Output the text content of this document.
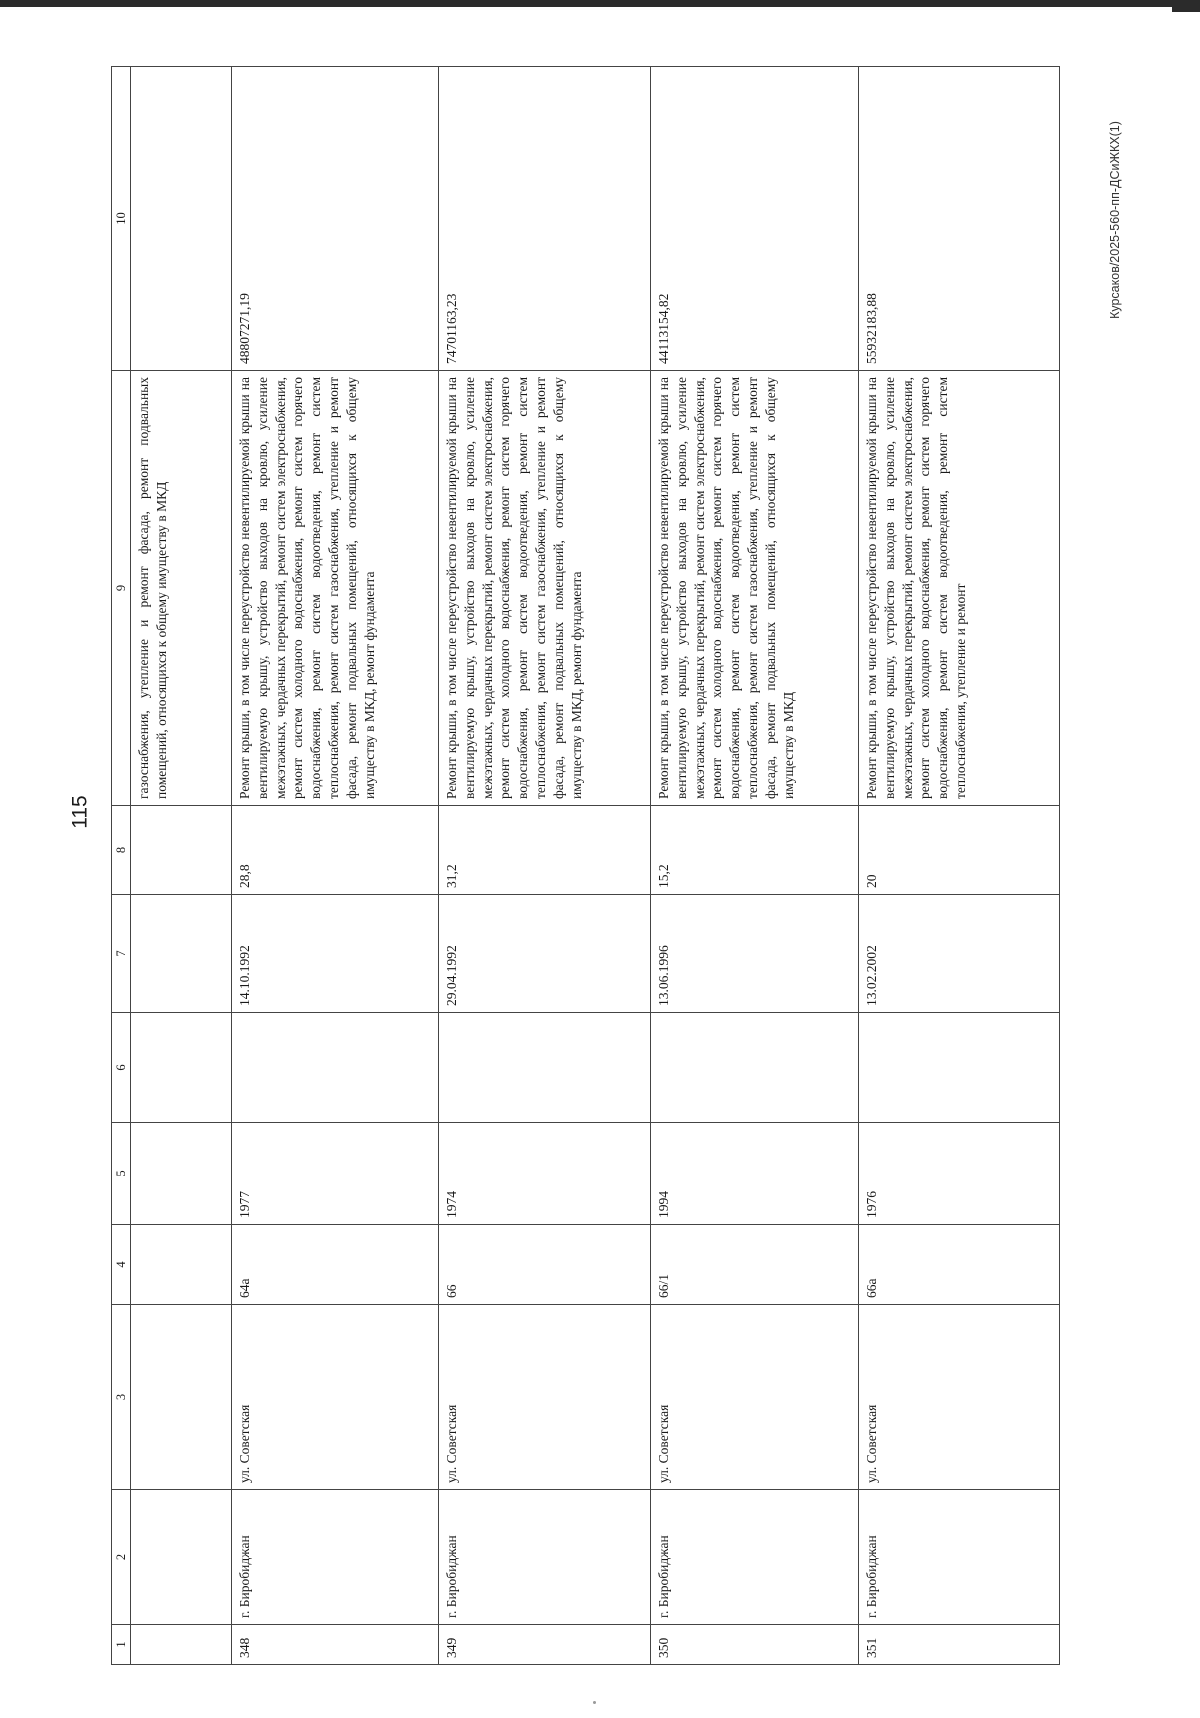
115
Курсаков/2025-560-пп-ДСиЖКХ(1)
1	2	3	4	5	6	7	8	9	10
								газоснабжения, утепление и ремонт фасада, ремонт подвальных помещений, относящихся к общему имуществу в МКД	
348	г. Биробиджан	ул. Советская	64а	1977		14.10.1992	28,8	Ремонт крыши, в том числе переустройство невентилируемой крыши на вентилируемую крышу, устройство выходов на кровлю, усиление межэтажных, чердачных перекрытий, ремонт систем электроснабжения, ремонт систем холодного водоснабжения, ремонт систем горячего водоснабжения, ремонт систем водоотведения, ремонт систем теплоснабжения, ремонт систем газоснабжения, утепление и ремонт фасада, ремонт подвальных помещений, относящихся к общему имуществу в МКД, ремонт фундамента	48807271,19
349	г. Биробиджан	ул. Советская	66	1974		29.04.1992	31,2	Ремонт крыши, в том числе переустройство невентилируемой крыши на вентилируемую крышу, устройство выходов на кровлю, усиление межэтажных, чердачных перекрытий, ремонт систем электроснабжения, ремонт систем холодного водоснабжения, ремонт систем горячего водоснабжения, ремонт систем водоотведения, ремонт систем теплоснабжения, ремонт систем газоснабжения, утепление и ремонт фасада, ремонт подвальных помещений, относящихся к общему имуществу в МКД, ремонт фундамента	74701163,23
350	г. Биробиджан	ул. Советская	66/1	1994		13.06.1996	15,2	Ремонт крыши, в том числе переустройство невентилируемой крыши на вентилируемую крышу, устройство выходов на кровлю, усиление межэтажных, чердачных перекрытий, ремонт систем электроснабжения, ремонт систем холодного водоснабжения, ремонт систем горячего водоснабжения, ремонт систем водоотведения, ремонт систем теплоснабжения, ремонт систем газоснабжения, утепление и ремонт фасада, ремонт подвальных помещений, относящихся к общему имуществу в МКД	44113154,82
351	г. Биробиджан	ул. Советская	66а	1976		13.02.2002	20	Ремонт крыши, в том числе переустройство невентилируемой крыши на вентилируемую крышу, устройство выходов на кровлю, усиление межэтажных, чердачных перекрытий, ремонт систем электроснабжения, ремонт систем холодного водоснабжения, ремонт систем горячего водоснабжения, ремонт систем водоотведения, ремонт систем теплоснабжения, утепление и ремонт	55932183,88
